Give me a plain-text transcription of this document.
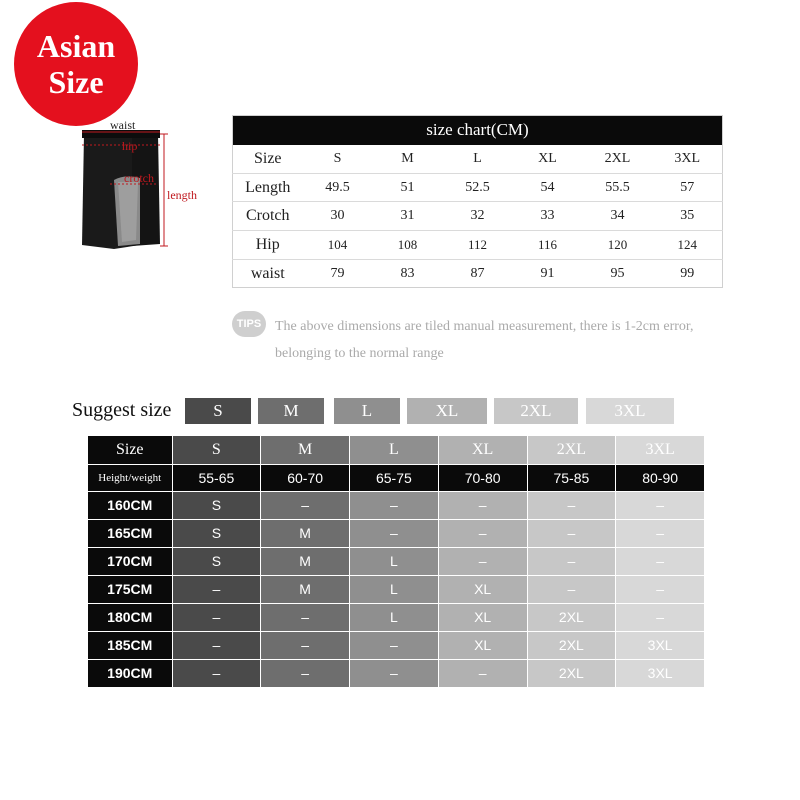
Asian
Size
waist
hip
crotch
length
size chart(CM)						
Size	S	M	L	XL	2XL	3XL
Length	49.5	51	52.5	54	55.5	57
Crotch	30	31	32	33	34	35
Hip	104	108	112	116	120	124
waist	79	83	87	91	95	99
TIPS The above dimensions are tiled manual measurement, there is 1-2cm error, belonging to the normal range
Suggest size	S	M	L	XL	2XL	3XL
Size	S	M	L	XL	2XL	3XL
Height/weight	55-65	60-70	65-75	70-80	75-85	80-90
160CM	S	–	–	–	–	–
165CM	S	M	–	–	–	–
170CM	S	M	L	–	–	–
175CM	–	M	L	XL	–	–
180CM	–	–	L	XL	2XL	–
185CM	–	–	–	XL	2XL	3XL
190CM	–	–	–	–	2XL	3XL
